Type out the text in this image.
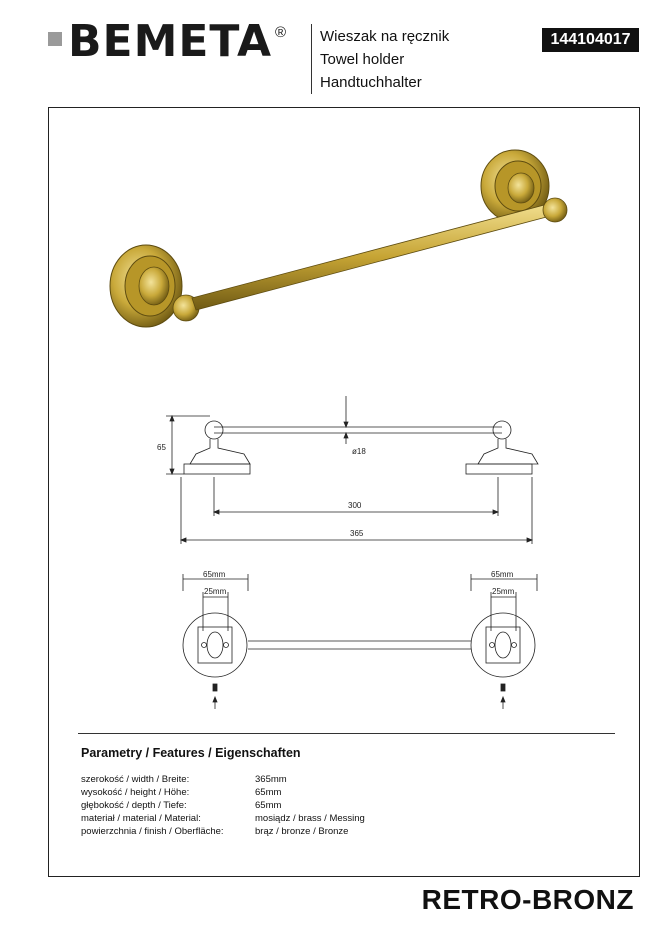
BEMETA ® Wieszak na ręcznik
Towel holder
Handtuchhalter
144104017
65	ø18
300
365
65mm
25mm
65mm
25mm
Parametry / Features / Eigenschaften
szerokość / width / Breite:	365mm
wysokość / height / Höhe:	65mm
głębokość / depth / Tiefe:	65mm
materiał / material / Material:	mosiądz / brass / Messing
powierzchnia / finish / Oberfläche:	brąz / bronze / Bronze
RETRO-BRONZ
